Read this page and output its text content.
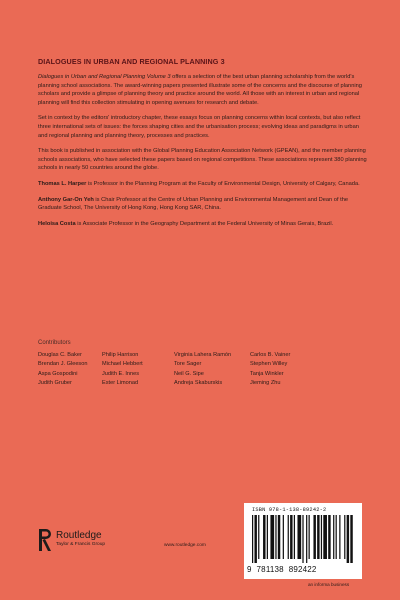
DIALOGUES IN URBAN AND REGIONAL PLANNING 3

Dialogues in Urban and Regional Planning Volume 3 offers a selection of the best urban planning scholarship from the world's planning school associations. The award-winning papers presented illustrate some of the concerns and the discourse of planning scholars and provide a glimpse of planning theory and practice around the world. All those with an interest in urban and regional planning will find this collection stimulating in opening avenues for research and debate.

Set in context by the editors' introductory chapter, these essays focus on planning concerns within local contexts, but also reflect three international sets of issues: the forces shaping cities and the urbanisation process; evolving ideas and paradigms in urban and regional planning and planning theory, processes and practices.

This book is published in association with the Global Planning Education Association Network (GPEAN), and the member planning schools associations, who have selected these papers based on regional competitions. These associations represent 380 planning schools in nearly 50 countries around the globe.

Thomas L. Harper is Professor in the Planning Program at the Faculty of Environmental Design, University of Calgary, Canada.

Anthony Gar-On Yeh is Chair Professor at the Centre of Urban Planning and Environmental Management and Dean of the Graduate School, The University of Hong Kong, Hong Kong SAR, China.

Heloisa Costa is Associate Professor in the Geography Department at the Federal University of Minas Gerais, Brazil.

Contributors
Douglas C. Baker	Philip Harrison	Virginia Lahera Ramón	Carlos B. Vainer
Brendan J. Gleeson	Michael Hebbert	Tore Sager	Stephen Willey
Aspa Gospodini	Judith E. Innes	Neil G. Sipe	Tanja Winkler
Judith Gruber	Ester Limonad	Andreja Skaburskis	Jieming Zhu
Routledge
Taylor & Francis Group	www.routledge.com
ISBN 978-1-138-89242-2
9 781138 892422
an informa business
